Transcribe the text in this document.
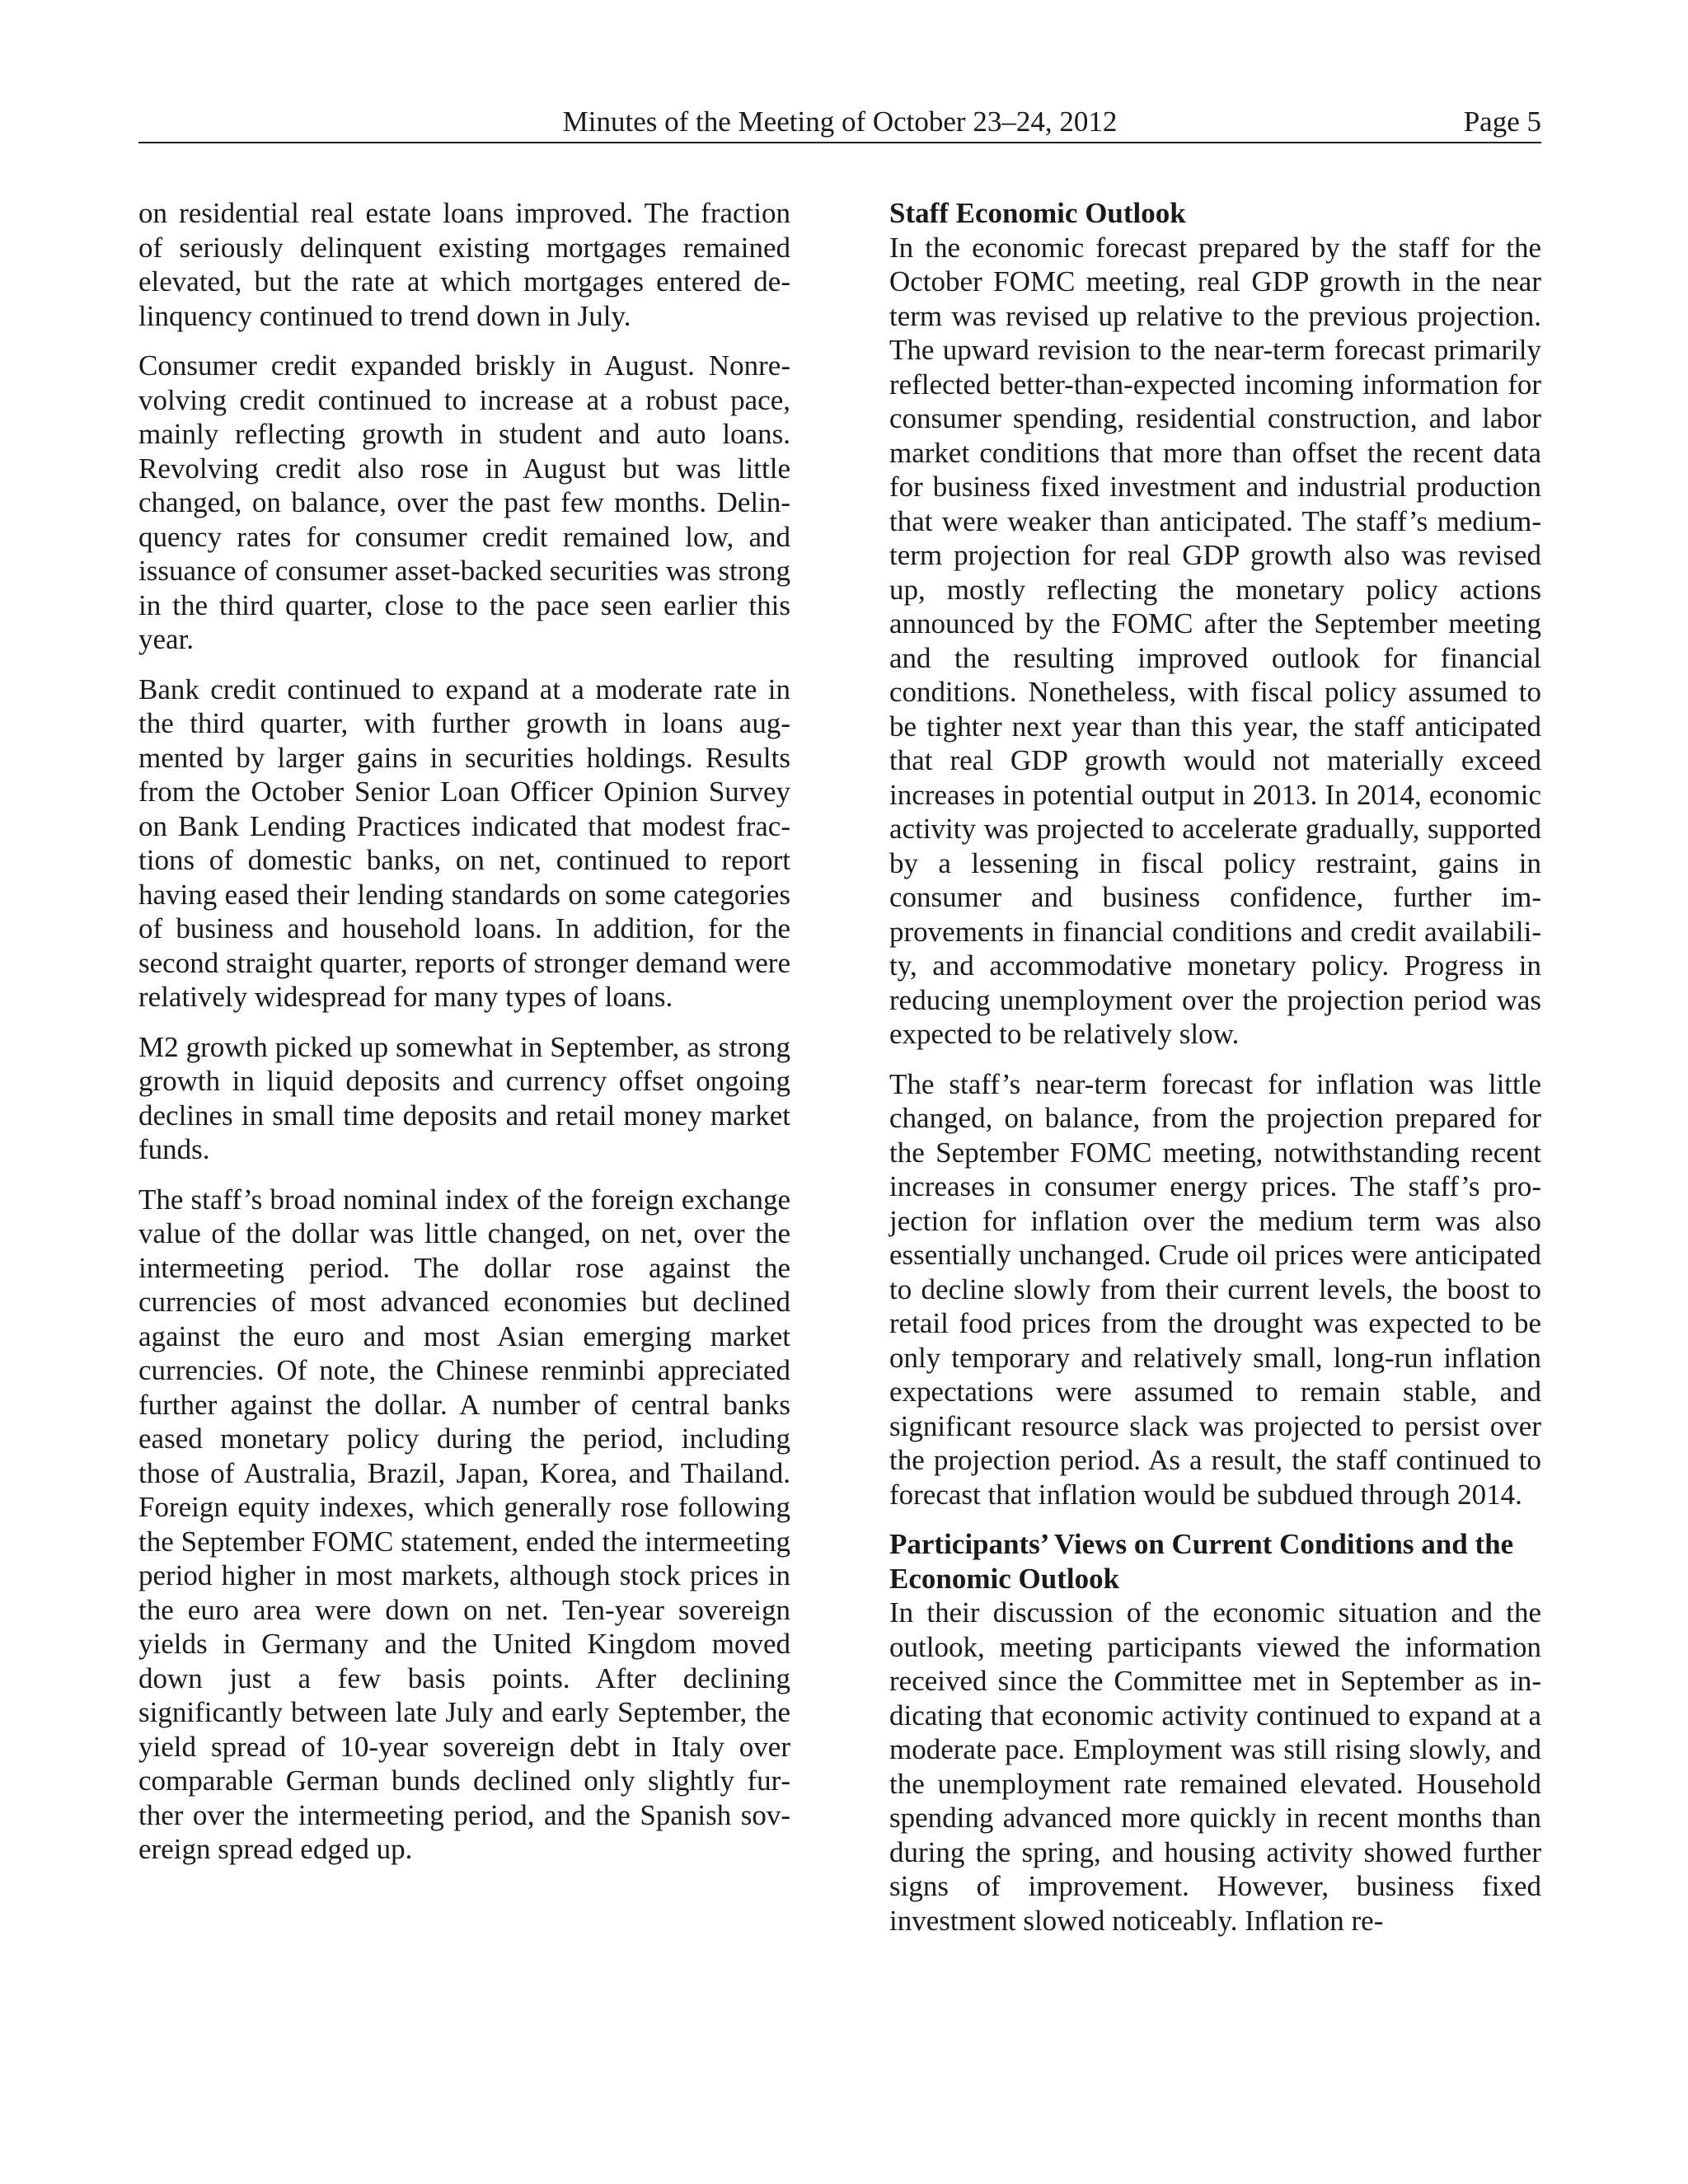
Minutes of the Meeting of October 23–24, 2012	Page 5

on residential real estate loans improved. The fraction of seriously delinquent existing mortgages remained elevated, but the rate at which mortgages entered delinquency continued to trend down in July.

Consumer credit expanded briskly in August. Nonrevolving credit continued to increase at a robust pace, mainly reflecting growth in student and auto loans. Revolving credit also rose in August but was little changed, on balance, over the past few months. Delinquency rates for consumer credit remained low, and issuance of consumer asset-backed securities was strong in the third quarter, close to the pace seen earlier this year.

Bank credit continued to expand at a moderate rate in the third quarter, with further growth in loans augmented by larger gains in securities holdings. Results from the October Senior Loan Officer Opinion Survey on Bank Lending Practices indicated that modest fractions of domestic banks, on net, continued to report having eased their lending standards on some categories of business and household loans. In addition, for the second straight quarter, reports of stronger demand were relatively widespread for many types of loans.

M2 growth picked up somewhat in September, as strong growth in liquid deposits and currency offset ongoing declines in small time deposits and retail money market funds.

The staff’s broad nominal index of the foreign exchange value of the dollar was little changed, on net, over the intermeeting period. The dollar rose against the currencies of most advanced economies but declined against the euro and most Asian emerging market currencies. Of note, the Chinese renminbi appreciated further against the dollar. A number of central banks eased monetary policy during the period, including those of Australia, Brazil, Japan, Korea, and Thailand. Foreign equity indexes, which generally rose following the September FOMC statement, ended the intermeeting period higher in most markets, although stock prices in the euro area were down on net. Ten-year sovereign yields in Germany and the United Kingdom moved down just a few basis points. After declining significantly between late July and early September, the yield spread of 10-year sovereign debt in Italy over comparable German bunds declined only slightly further over the intermeeting period, and the Spanish sovereign spread edged up.

Staff Economic Outlook

In the economic forecast prepared by the staff for the October FOMC meeting, real GDP growth in the near term was revised up relative to the previous projection. The upward revision to the near-term forecast primarily reflected better-than-expected incoming information for consumer spending, residential construction, and labor market conditions that more than offset the recent data for business fixed investment and industrial production that were weaker than anticipated. The staff’s medium-term projection for real GDP growth also was revised up, mostly reflecting the monetary policy actions announced by the FOMC after the September meeting and the resulting improved outlook for financial conditions. Nonetheless, with fiscal policy assumed to be tighter next year than this year, the staff anticipated that real GDP growth would not materially exceed increases in potential output in 2013. In 2014, economic activity was projected to accelerate gradually, supported by a lessening in fiscal policy restraint, gains in consumer and business confidence, further improvements in financial conditions and credit availability, and accommodative monetary policy. Progress in reducing unemployment over the projection period was expected to be relatively slow.

The staff’s near-term forecast for inflation was little changed, on balance, from the projection prepared for the September FOMC meeting, notwithstanding recent increases in consumer energy prices. The staff’s projection for inflation over the medium term was also essentially unchanged. Crude oil prices were anticipated to decline slowly from their current levels, the boost to retail food prices from the drought was expected to be only temporary and relatively small, long-run inflation expectations were assumed to remain stable, and significant resource slack was projected to persist over the projection period. As a result, the staff continued to forecast that inflation would be subdued through 2014.

Participants’ Views on Current Conditions and the Economic Outlook

In their discussion of the economic situation and the outlook, meeting participants viewed the information received since the Committee met in September as indicating that economic activity continued to expand at a moderate pace. Employment was still rising slowly, and the unemployment rate remained elevated. Household spending advanced more quickly in recent months than during the spring, and housing activity showed further signs of improvement. However, business fixed investment slowed noticeably. Inflation re-
